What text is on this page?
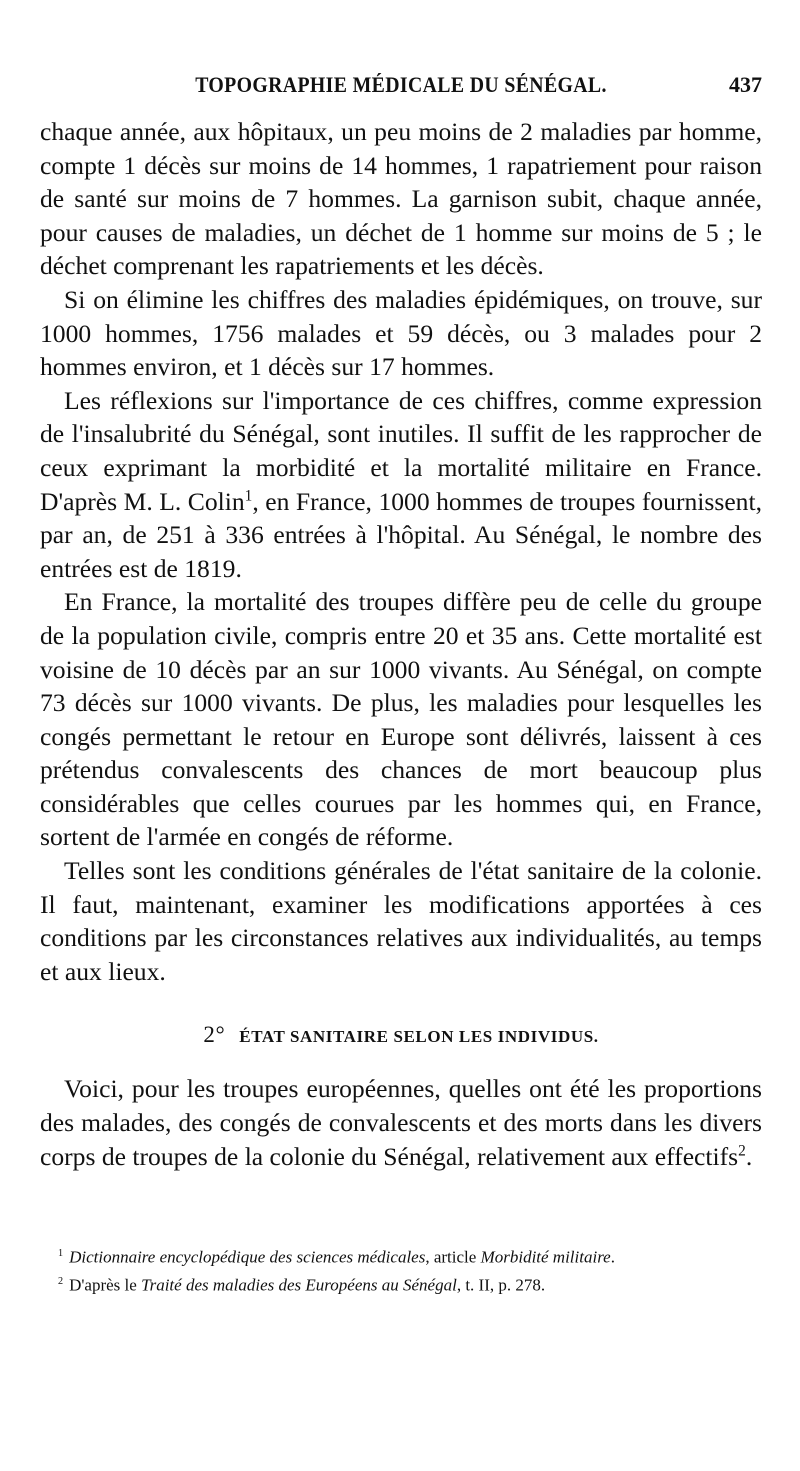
TOPOGRAPHIE MÉDICALE DU SÉNÉGAL.	437

chaque année, aux hôpitaux, un peu moins de 2 maladies par homme, compte 1 décès sur moins de 14 hommes, 1 rapatriement pour raison de santé sur moins de 7 hommes. La garnison subit, chaque année, pour causes de maladies, un déchet de 1 homme sur moins de 5 ; le déchet comprenant les rapatriements et les décès.

Si on élimine les chiffres des maladies épidémiques, on trouve, sur 1000 hommes, 1756 malades et 59 décès, ou 3 malades pour 2 hommes environ, et 1 décès sur 17 hommes.

Les réflexions sur l'importance de ces chiffres, comme expression de l'insalubrité du Sénégal, sont inutiles. Il suffit de les rapprocher de ceux exprimant la morbidité et la mortalité militaire en France. D'après M. L. Colin$^1$, en France, 1000 hommes de troupes fournissent, par an, de 251 à 336 entrées à l'hôpital. Au Sénégal, le nombre des entrées est de 1819.

En France, la mortalité des troupes diffère peu de celle du groupe de la population civile, compris entre 20 et 35 ans. Cette mortalité est voisine de 10 décès par an sur 1000 vivants. Au Sénégal, on compte 73 décès sur 1000 vivants. De plus, les maladies pour lesquelles les congés permettant le retour en Europe sont délivrés, laissent à ces prétendus convalescents des chances de mort beaucoup plus considérables que celles courues par les hommes qui, en France, sortent de l'armée en congés de réforme.

Telles sont les conditions générales de l'état sanitaire de la colonie. Il faut, maintenant, examiner les modifications apportées à ces conditions par les circonstances relatives aux individualités, au temps et aux lieux.

2° ÉTAT SANITAIRE SELON LES INDIVIDUS.

Voici, pour les troupes européennes, quelles ont été les proportions des malades, des congés de convalescents et des morts dans les divers corps de troupes de la colonie du Sénégal, relativement aux effectifs$^2$.

$^1$ Dictionnaire encyclopédique des sciences médicales, article Morbidité militaire.

$^2$ D'après le Traité des maladies des Européens au Sénégal, t. II, p. 278.
